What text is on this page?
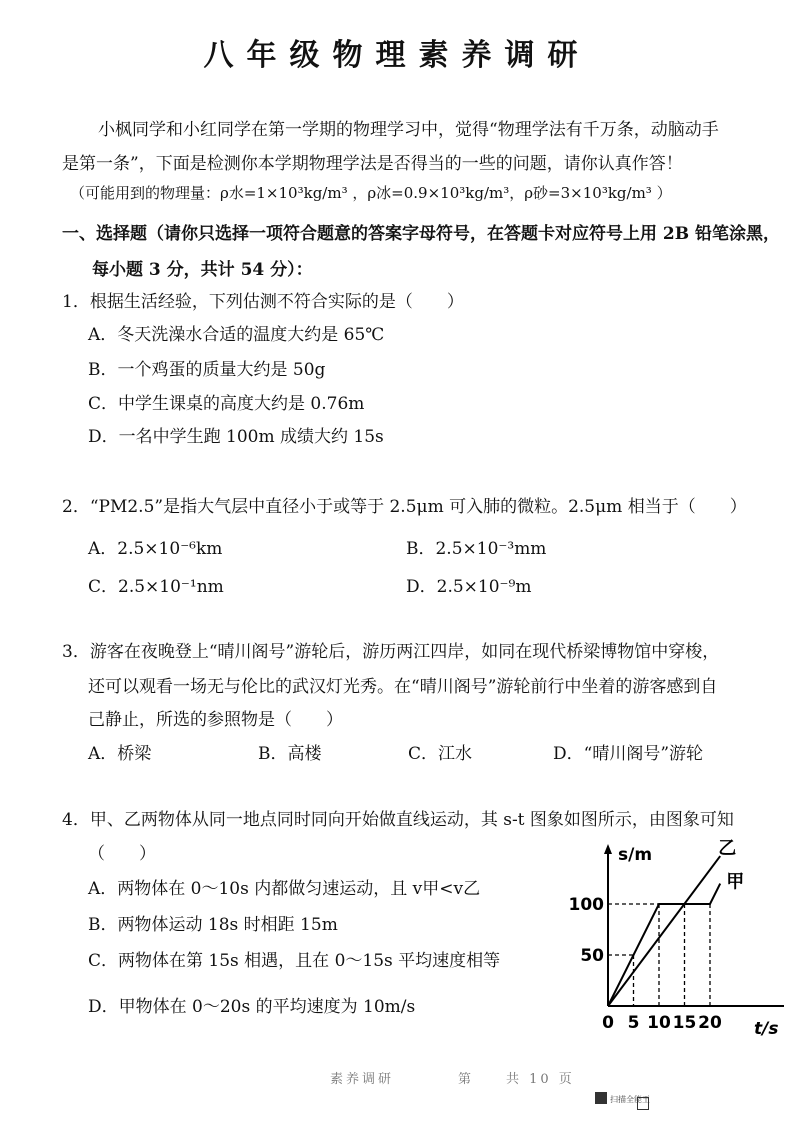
八年级物理素养调研
小枫同学和小红同学在第一学期的物理学习中，觉得“物理学法有千万条，动脑动手
是第一条”，下面是检测你本学期物理学法是否得当的一些的问题，请你认真作答！
（可能用到的物理量：ρ水=1×10³kg/m³ ，ρ冰=0.9×10³kg/m³，ρ砂=3×10³kg/m³ ）
一、选择题（请你只选择一项符合题意的答案字母符号，在答题卡对应符号上用 2B 铅笔涂黑，
每小题 3 分，共计 54 分）：
1．根据生活经验，下列估测不符合实际的是（　　）
A．冬天洗澡水合适的温度大约是 65℃
B．一个鸡蛋的质量大约是 50g
C．中学生课桌的高度大约是 0.76m
D．一名中学生跑 100m 成绩大约 15s
2．“PM2.5”是指大气层中直径小于或等于 2.5μm 可入肺的微粒。2.5μm 相当于（　　）
A．2.5×10⁻⁶km	B．2.5×10⁻³mm
C．2.5×10⁻¹nm	D．2.5×10⁻⁹m
3．游客在夜晚登上“晴川阁号”游轮后，游历两江四岸，如同在现代桥梁博物馆中穿梭，
还可以观看一场无与伦比的武汉灯光秀。在“晴川阁号”游轮前行中坐着的游客感到自
己静止，所选的参照物是（　　）
A．桥梁	B．高楼	C．江水	D．“晴川阁号”游轮
4．甲、乙两物体从同一地点同时同向开始做直线运动，其 s-t 图象如图所示，由图象可知
（　　）
A．两物体在 0～10s 内都做匀速运动，且 v甲<v乙
B．两物体运动 18s 时相距 15m
C．两物体在第 15s 相遇，且在 0～15s 平均速度相等
D．甲物体在 0～20s 的平均速度为 10m/s
s/m
t/s
50
100
0 5 10 15 20
甲
乙
素养调研　　　　第　　共 10 页
扫描全能王
